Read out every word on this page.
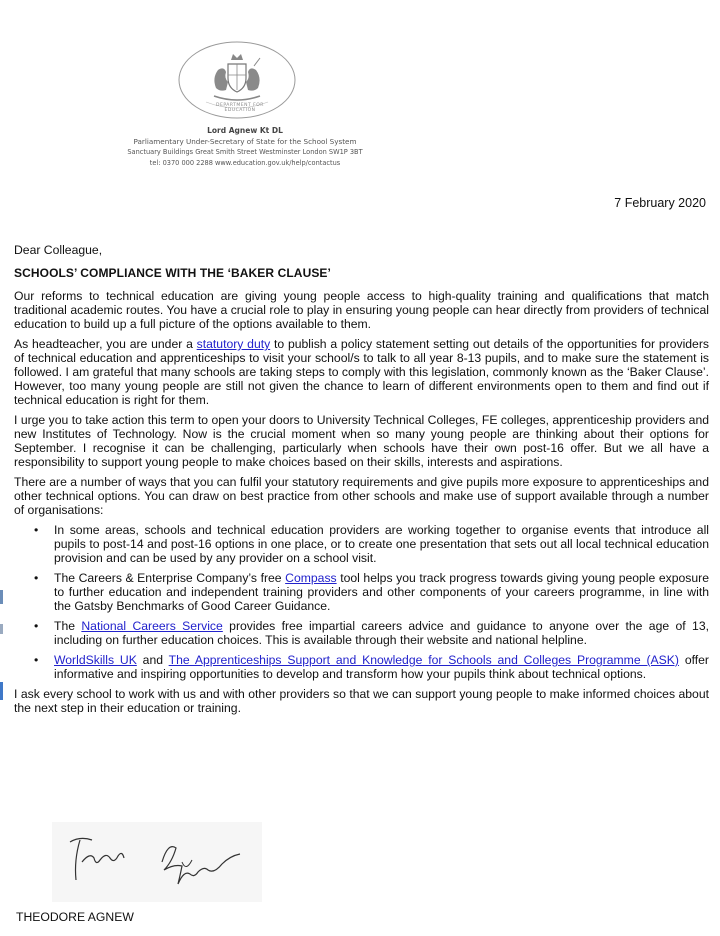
DEPARTMENT FOR EDUCATION
Lord Agnew Kt DL
Parliamentary Under-Secretary of State for the School System
Sanctuary Buildings Great Smith Street Westminster London SW1P 3BT
tel: 0370 000 2288 www.education.gov.uk/help/contactus
7 February 2020

Dear Colleague,

SCHOOLS’ COMPLIANCE WITH THE ‘BAKER CLAUSE’

Our reforms to technical education are giving young people access to high-quality training and qualifications that match traditional academic routes. You have a crucial role to play in ensuring young people can hear directly from providers of technical education to build up a full picture of the options available to them.

As headteacher, you are under a statutory duty to publish a policy statement setting out details of the opportunities for providers of technical education and apprenticeships to visit your school/s to talk to all year 8-13 pupils, and to make sure the statement is followed. I am grateful that many schools are taking steps to comply with this legislation, commonly known as the ‘Baker Clause’. However, too many young people are still not given the chance to learn of different environments open to them and find out if technical education is right for them.

I urge you to take action this term to open your doors to University Technical Colleges, FE colleges, apprenticeship providers and new Institutes of Technology. Now is the crucial moment when so many young people are thinking about their options for September. I recognise it can be challenging, particularly when schools have their own post-16 offer. But we all have a responsibility to support young people to make choices based on their skills, interests and aspirations.

There are a number of ways that you can fulfil your statutory requirements and give pupils more exposure to apprenticeships and other technical options. You can draw on best practice from other schools and make use of support available through a number of organisations:

• In some areas, schools and technical education providers are working together to organise events that introduce all pupils to post-14 and post-16 options in one place, or to create one presentation that sets out all local technical education provision and can be used by any provider on a school visit.
• The Careers & Enterprise Company’s free Compass tool helps you track progress towards giving young people exposure to further education and independent training providers and other components of your careers programme, in line with the Gatsby Benchmarks of Good Career Guidance.
• The National Careers Service provides free impartial careers advice and guidance to anyone over the age of 13, including on further education choices. This is available through their website and national helpline.
• WorldSkills UK and The Apprenticeships Support and Knowledge for Schools and Colleges Programme (ASK) offer informative and inspiring opportunities to develop and transform how your pupils think about technical options.

I ask every school to work with us and with other providers so that we can support young people to make informed choices about the next step in their education or training.

THEODORE AGNEW
